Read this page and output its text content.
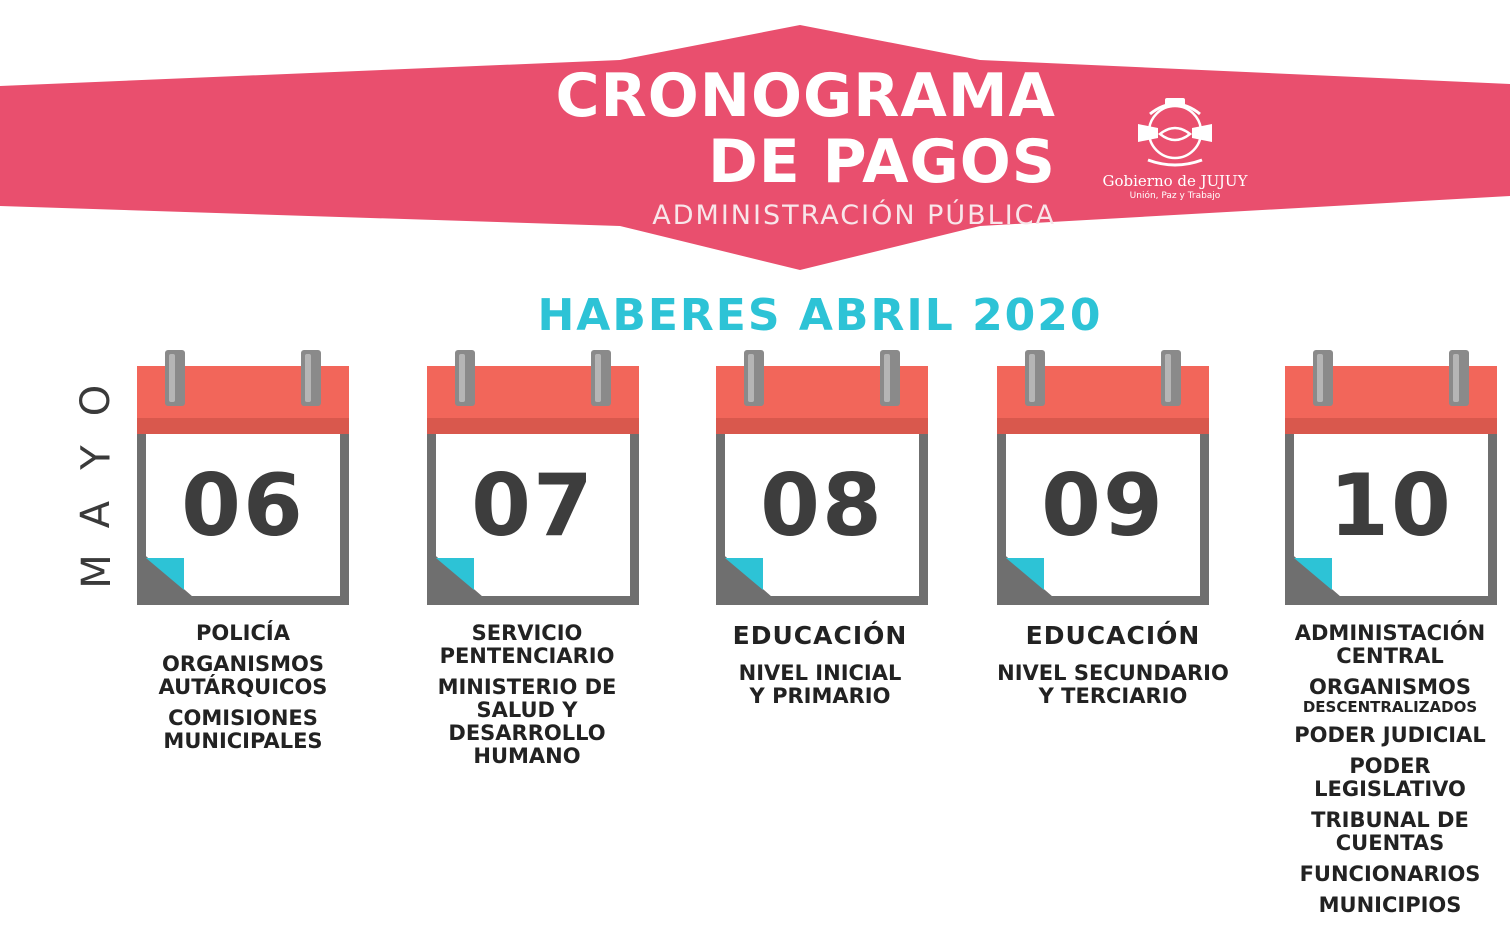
CRONOGRAMA
DE PAGOS
ADMINISTRACIÓN PÚBLICA
Gobierno de JUJUY
Unión, Paz y Trabajo
HABERES ABRIL 2020
O
Y
A
M
06
POLICÍA
ORGANISMOS
AUTÁRQUICOS
COMISIONES
MUNICIPALES
07
SERVICIO
PENTENCIARIO
MINISTERIO DE
SALUD Y
DESARROLLO
HUMANO
08
EDUCACIÓN
NIVEL INICIAL
Y PRIMARIO
09
EDUCACIÓN
NIVEL SECUNDARIO
Y TERCIARIO
10
ADMINISTACIÓN
CENTRAL
ORGANISMOS
DESCENTRALIZADOS
PODER JUDICIAL
PODER
LEGISLATIVO
TRIBUNAL DE
CUENTAS
FUNCIONARIOS
MUNICIPIOS
